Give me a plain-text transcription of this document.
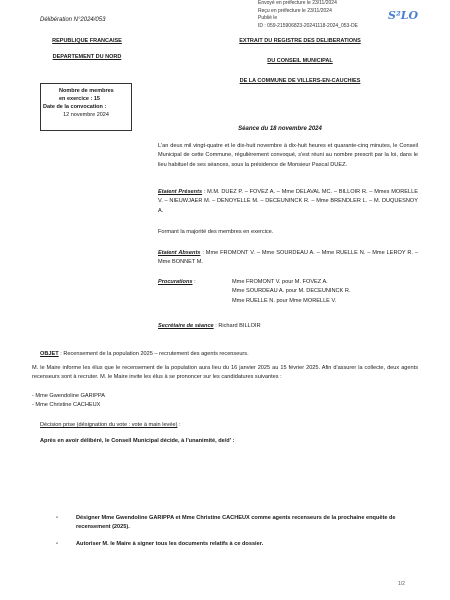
Envoyé en préfecture le 23/11/2024
Reçu en préfecture le 23/11/2024
Publié le
ID : 059-215906823-20241118-2024_053-DE
S²LO
Délibération N°2024/053
REPUBLIQUE FRANCAISE
DEPARTEMENT DU NORD
Nombre de membres
en exercice : 15
Date de la convocation :
12 novembre 2024
EXTRAIT DU REGISTRE DES DELIBERATIONS
DU CONSEIL MUNICIPAL
DE LA COMMUNE DE VILLERS-EN-CAUCHIES
Séance du 18 novembre 2024
L'an deux mil vingt-quatre et le dix-huit novembre à dix-huit heures et quarante-cinq minutes, le Conseil Municipal de cette Commune, régulièrement convoqué, s'est réuni au nombre prescrit par la loi, dans le lieu habituel de ses séances, sous la présidence de Monsieur Pascal DUEZ.
Etaient Présents : M.M. DUEZ P. – FOVEZ A. – Mme DELAVAL MC. – BILLOIR R. – Mmes MORELLE V. – NIEUWJAER M. – DENOYELLE M. – DECEUNINCK R. – Mme BRENDLER L. – M. DUQUESNOY A.
Formant la majorité des membres en exercice.
Etaient Absents : Mme FROMONT V. – Mme SOURDEAU A. – Mme RUELLE N. – Mme LEROY R. – Mme BONNET M.
Procurations :	Mme FROMONT V. pour M. FOVEZ A.
Mme SOURDEAU A. pour M. DECEUNINCK R.
Mme RUELLE N. pour Mme MORELLE V.
Secrétaire de séance : Richard BILLOIR
OBJET : Recensement de la population 2025 – recrutement des agents recenseurs.
M. le Maire informe les élus que le recensement de la population aura lieu du 16 janvier 2025 au 15 février 2025. Afin d'assurer la collecte, deux agents recenseurs sont à recruter. M. le Maire invite les élus à se prononcer sur les candidatures suivantes :
- Mme Gwendoline GARIPPA
- Mme Christine CACHEUX
Décision prise (désignation du vote : vote à main levée) :
Après en avoir délibéré, le Conseil Municipal décide, à l'unanimité, de/d' :
-	Désigner Mme Gwendoline GARIPPA et Mme Christine CACHEUX comme agents recenseurs de la prochaine enquête de recensement (2025).
-	Autoriser M. le Maire à signer tous les documents relatifs à ce dossier.
1/2
